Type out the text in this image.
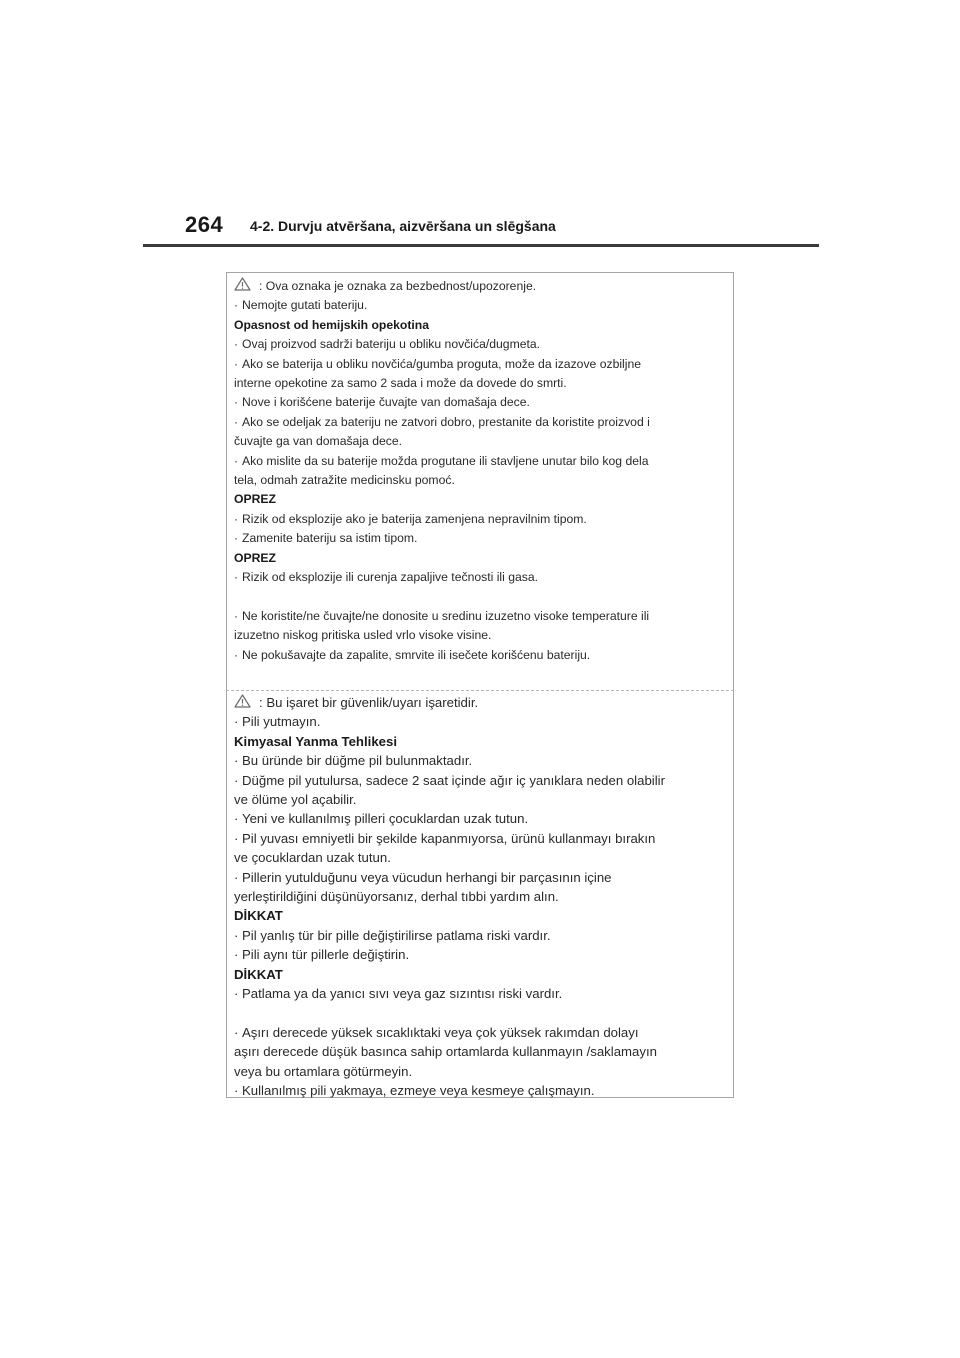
264 4-2. Durvju atvēršana, aizvēršana un slēgšana

: Ova oznaka je oznaka za bezbednost/upozorenje.

· Nemojte gutati bateriju.

Opasnost od hemijskih opekotina

· Ovaj proizvod sadrži bateriju u obliku novčića/dugmeta.

· Ako se baterija u obliku novčića/gumba proguta, može da izazove ozbiljne

interne opekotine za samo 2 sada i može da dovede do smrti.

· Nove i korišćene baterije čuvajte van domašaja dece.

· Ako se odeljak za bateriju ne zatvori dobro, prestanite da koristite proizvod i

čuvajte ga van domašaja dece.

· Ako mislite da su baterije možda progutane ili stavljene unutar bilo kog dela

tela, odmah zatražite medicinsku pomoć.

OPREZ

· Rizik od eksplozije ako je baterija zamenjena nepravilnim tipom.

· Zamenite bateriju sa istim tipom.

OPREZ

· Rizik od eksplozije ili curenja zapaljive tečnosti ili gasa.

· Ne koristite/ne čuvajte/ne donosite u sredinu izuzetno visoke temperature ili

izuzetno niskog pritiska usled vrlo visoke visine.

· Ne pokušavajte da zapalite, smrvite ili isečete korišćenu bateriju.

: Bu işaret bir güvenlik/uyarı işaretidir.

· Pili yutmayın.

Kimyasal Yanma Tehlikesi

· Bu üründe bir düğme pil bulunmaktadır.

· Düğme pil yutulursa, sadece 2 saat içinde ağır iç yanıklara neden olabilir

ve ölüme yol açabilir.

· Yeni ve kullanılmış pilleri çocuklardan uzak tutun.

· Pil yuvası emniyetli bir şekilde kapanmıyorsa, ürünü kullanmayı bırakın

ve çocuklardan uzak tutun.

· Pillerin yutulduğunu veya vücudun herhangi bir parçasının içine

yerleştirildiğini düşünüyorsanız, derhal tıbbi yardım alın.

DİKKAT

· Pil yanlış tür bir pille değiştirilirse patlama riski vardır.

· Pili aynı tür pillerle değiştirin.

DİKKAT

· Patlama ya da yanıcı sıvı veya gaz sızıntısı riski vardır.

· Aşırı derecede yüksek sıcaklıktaki veya çok yüksek rakımdan dolayı

aşırı derecede düşük basınca sahip ortamlarda kullanmayın /saklamayın

veya bu ortamlara götürmeyin.

· Kullanılmış pili yakmaya, ezmeye veya kesmeye çalışmayın.
